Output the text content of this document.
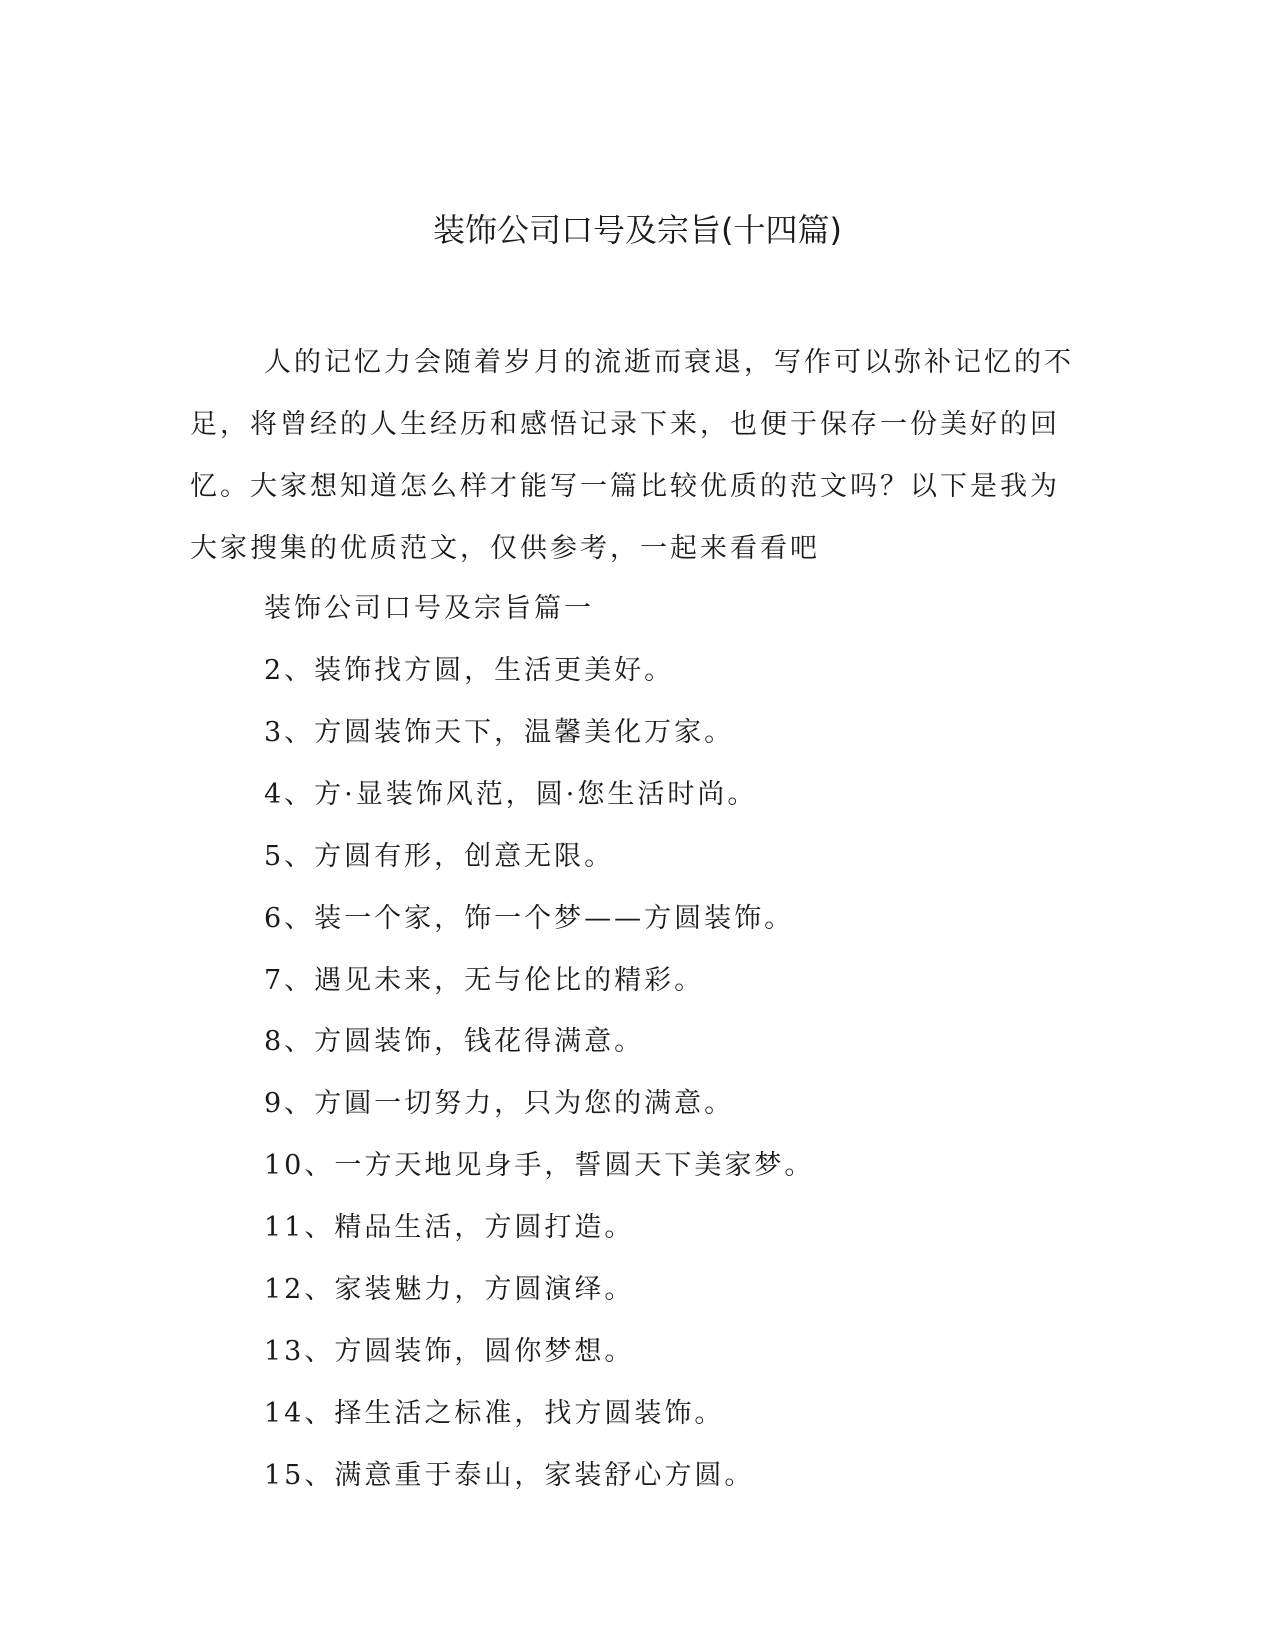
装饰公司口号及宗旨(十四篇)

人的记忆力会随着岁月的流逝而衰退，写作可以弥补记忆的不足，将曾经的人生经历和感悟记录下来，也便于保存一份美好的回忆。大家想知道怎么样才能写一篇比较优质的范文吗？以下是我为大家搜集的优质范文，仅供参考，一起来看看吧

装饰公司口号及宗旨篇一

2、装饰找方圆，生活更美好。
3、方圆装饰天下，温馨美化万家。
4、方·显装饰风范，圆·您生活时尚。
5、方圆有形，创意无限。
6、装一个家，饰一个梦——方圆装饰。
7、遇见未来，无与伦比的精彩。
8、方圆装饰，钱花得满意。
9、方圓一切努力，只为您的满意。
10、一方天地见身手，誓圆天下美家梦。
11、精品生活，方圆打造。
12、家装魅力，方圆演绎。
13、方圆装饰，圆你梦想。
14、择生活之标准，找方圆装饰。
15、满意重于泰山，家装舒心方圆。
